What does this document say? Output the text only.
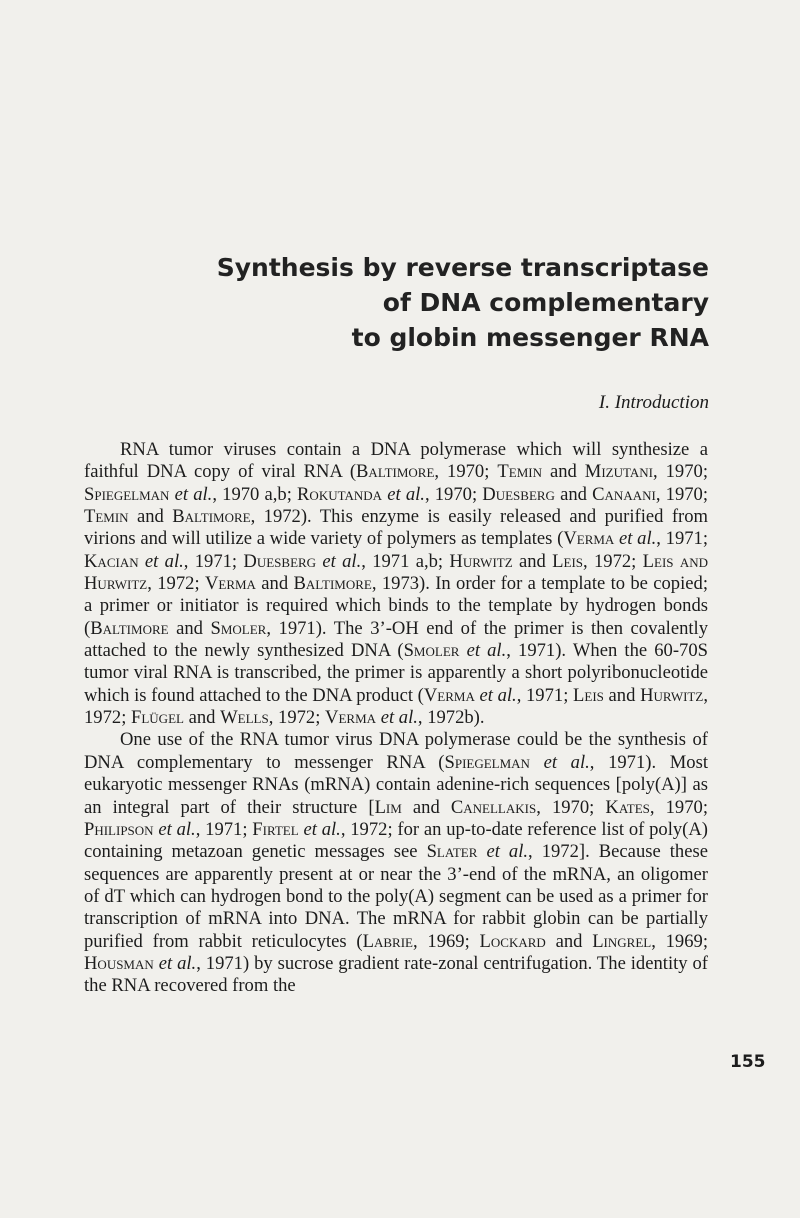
Synthesis by reverse transcriptase
of DNA complementary
to globin messenger RNA
I. Introduction

RNA tumor viruses contain a DNA polymerase which will synthesize a faithful DNA copy of viral RNA (Baltimore, 1970; Temin and Mizutani, 1970; Spiegelman et al., 1970 a,b; Rokutanda et al., 1970; Duesberg and Canaani, 1970; Temin and Baltimore, 1972). This enzyme is easily released and purified from virions and will utilize a wide variety of polymers as templates (Verma et al., 1971; Kacian et al., 1971; Duesberg et al., 1971 a,b; Hurwitz and Leis, 1972; Leis and Hurwitz, 1972; Verma and Baltimore, 1973). In order for a template to be copied; a primer or initiator is required which binds to the template by hydrogen bonds (Baltimore and Smoler, 1971). The 3’-OH end of the primer is then covalently attached to the newly synthesized DNA (Smoler et al., 1971). When the 60-70S tumor viral RNA is transcribed, the primer is apparently a short polyribonucleotide which is found attached to the DNA product (Verma et al., 1971; Leis and Hurwitz, 1972; Flügel and Wells, 1972; Verma et al., 1972b).

One use of the RNA tumor virus DNA polymerase could be the synthesis of DNA complementary to messenger RNA (Spiegelman et al., 1971). Most eukaryotic messenger RNAs (mRNA) contain adenine-rich sequences [poly(A)] as an integral part of their structure [Lim and Canellakis, 1970; Kates, 1970; Philipson et al., 1971; Firtel et al., 1972; for an up-to-date reference list of poly(A) containing metazoan genetic messages see Slater et al., 1972]. Because these sequences are apparently present at or near the 3’-end of the mRNA, an oligomer of dT which can hydrogen bond to the poly(A) segment can be used as a primer for transcription of mRNA into DNA. The mRNA for rabbit globin can be partially purified from rabbit reticulocytes (Labrie, 1969; Lockard and Lingrel, 1969; Housman et al., 1971) by sucrose gradient rate-zonal centrifugation. The identity of the RNA recovered from the

155
